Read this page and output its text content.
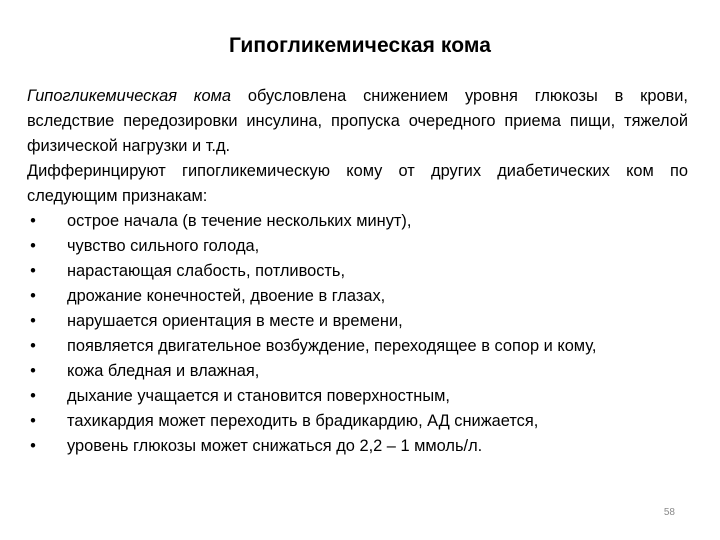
Гипогликемическая кома

Гипогликемическая кома обусловлена снижением уровня глюкозы в крови, вследствие передозировки инсулина, пропуска очередного приема пищи, тяжелой физической нагрузки и т.д.

Дифферинцируют гипогликемическую кому от других диабетических ком по следующим признакам:

• острое начала (в течение нескольких минут),
• чувство сильного голода,
• нарастающая слабость, потливость,
• дрожание конечностей, двоение в глазах,
• нарушается ориентация в месте и времени,
• появляется двигательное возбуждение, переходящее в сопор и кому,
• кожа бледная и влажная,
• дыхание учащается и становится поверхностным,
• тахикардия может переходить в брадикардию, АД снижается,
• уровень глюкозы может снижаться до 2,2 – 1 ммоль/л.
58
